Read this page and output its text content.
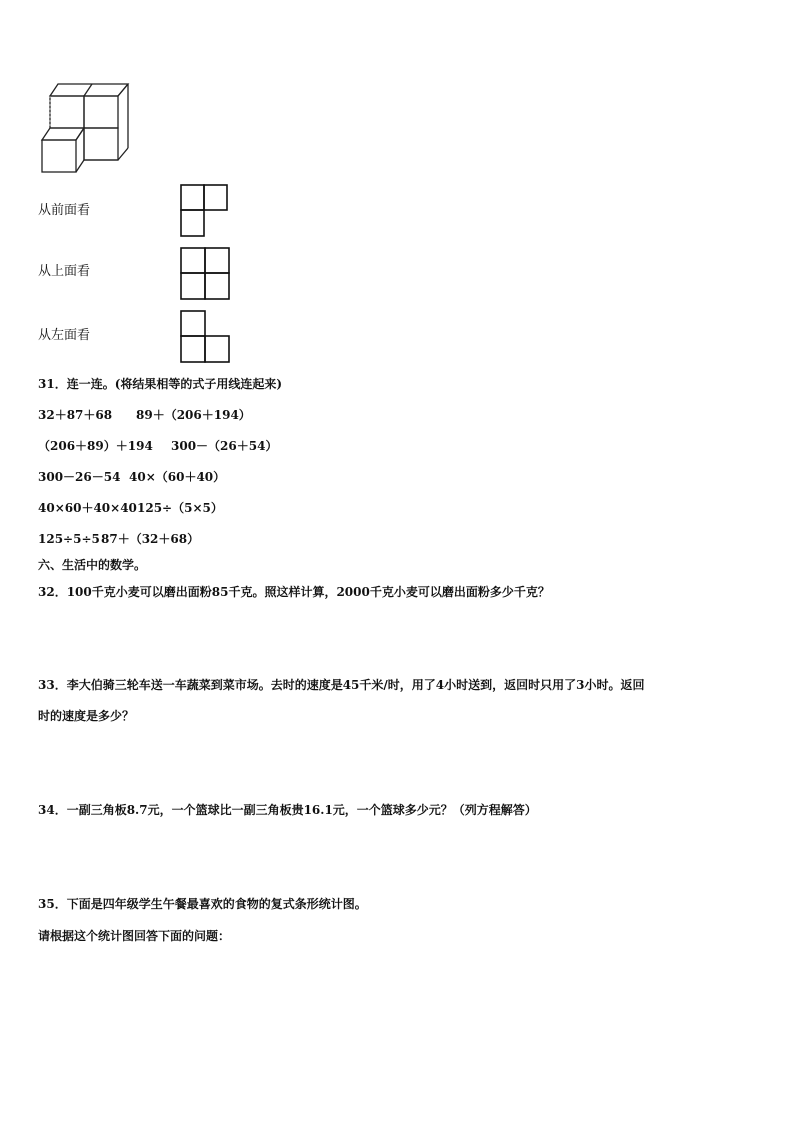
从前面看
从上面看
从左面看
31．连一连。(将结果相等的式子用线连起来)
32＋87＋68 89＋（206＋194）
（206＋89）＋194 300－（26＋54）
300－26－54 40×（60＋40）
40×60＋40×40 125÷（5×5）
125÷5÷5 87＋（32＋68）
六、生活中的数学。
32．100千克小麦可以磨出面粉85千克。照这样计算，2000千克小麦可以磨出面粉多少千克？
33．李大伯骑三轮车送一车蔬菜到菜市场。去时的速度是45千米/时，用了4小时送到，返回时只用了3小时。返回
时的速度是多少？
34．一副三角板8.7元，一个篮球比一副三角板贵16.1元，一个篮球多少元？（列方程解答）
35．下面是四年级学生午餐最喜欢的食物的复式条形统计图。
请根据这个统计图回答下面的问题：
